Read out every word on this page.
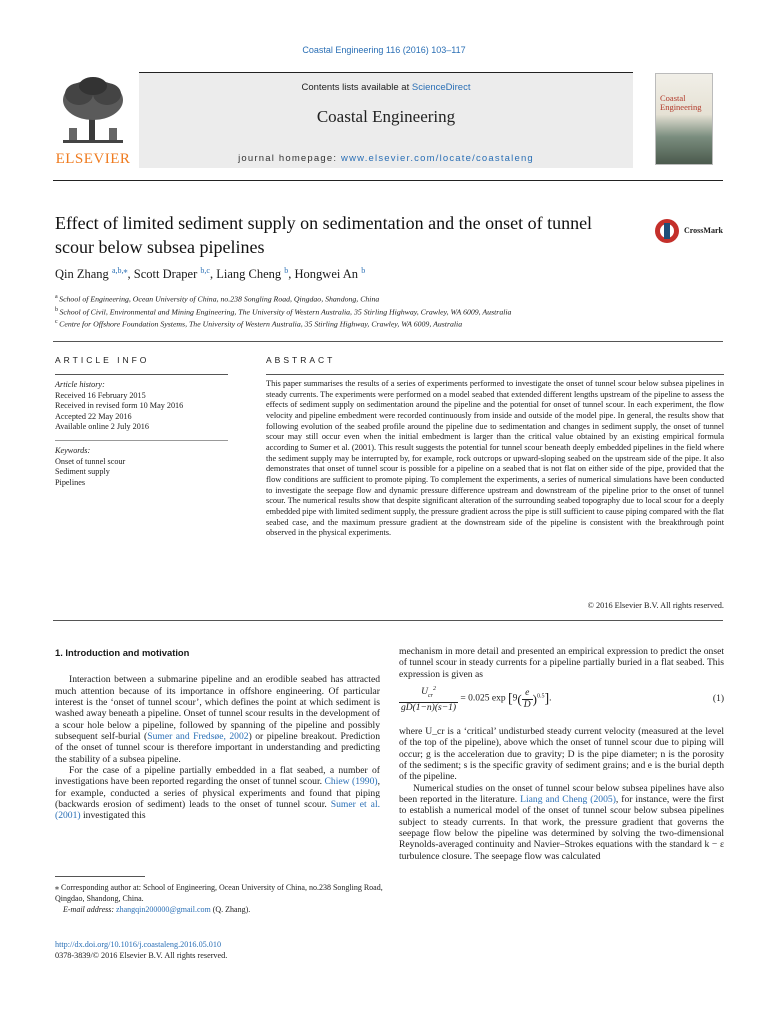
Coastal Engineering 116 (2016) 103–117
ELSEVIER
Contents lists available at ScienceDirect
Coastal Engineering
journal homepage: www.elsevier.com/locate/coastaleng
Coastal Engineering
Effect of limited sediment supply on sedimentation and the onset of tunnel scour below subsea pipelines
CrossMark
Qin Zhang $^{a,b,⁎}$, Scott Draper $^{b,c}$, Liang Cheng $^b$, Hongwei An $^b$
$^a$ School of Engineering, Ocean University of China, no.238 Songling Road, Qingdao, Shandong, China
$^b$ School of Civil, Environmental and Mining Engineering, The University of Western Australia, 35 Stirling Highway, Crawley, WA 6009, Australia
$^c$ Centre for Offshore Foundation Systems, The University of Western Australia, 35 Stirling Highway, Crawley, WA 6009, Australia
ARTICLE INFO
Article history:
Received 16 February 2015
Received in revised form 10 May 2016
Accepted 22 May 2016
Available online 2 July 2016
Keywords:
Onset of tunnel scour
Sediment supply
Pipelines
ABSTRACT

This paper summarises the results of a series of experiments performed to investigate the onset of tunnel scour below subsea pipelines in steady currents. The experiments were performed on a model seabed that extended different lengths upstream of the pipeline to assess the effects of sediment supply on sedimentation around the pipeline and the potential for onset of tunnel scour. In each experiment, the flow velocity and pipeline embedment were recorded continuously from inside and outside of the model pipe. In general, the results show that following evolution of the seabed profile around the pipeline due to sedimentation and changes in sediment supply, the onset of tunnel scour may still occur even when the initial embedment is larger than the critical value obtained by an existing empirical formula according to Sumer et al. (2001). This result suggests the potential for tunnel scour beneath deeply embedded pipelines in the field where the sediment supply may be interrupted by, for example, rock outcrops or upward-sloping seabed on the upstream side of the pipe. It also demonstrates that onset of tunnel scour is possible for a pipeline on a seabed that is not flat on either side of the pipe, provided that the flow conditions are sufficient to promote piping. To complement the experiments, a series of numerical simulations have been conducted to investigate the seepage flow and dynamic pressure difference upstream and downstream of the pipeline prior to the onset of tunnel scour. The numerical results show that despite significant alteration of the surrounding seabed topography due to local scour for a deeply embedded pipe with limited sediment supply, the pressure gradient across the pipe is still sufficient to cause piping compared with the flat seabed case, and the maximum pressure gradient at the downstream side of the pipeline is consistent with the breakthrough point observed in the physical experiments.

© 2016 Elsevier B.V. All rights reserved.
1. Introduction and motivation

Interaction between a submarine pipeline and an erodible seabed has attracted much attention because of its importance in offshore engineering. Of particular interest is the ‘onset of tunnel scour’, which defines the point at which sediment is washed away beneath a pipeline. Onset of tunnel scour results in the development of a scour hole below a pipeline, followed by spanning of the pipeline and possibly subsequent self-burial (Sumer and Fredsøe, 2002) or pipeline breakout. Prediction of the onset of tunnel scour is therefore important in understanding and predicting the stability of a subsea pipeline.

For the case of a pipeline partially embedded in a flat seabed, a number of investigations have been reported regarding the onset of tunnel scour. Chiew (1990), for example, conducted a series of physical experiments and found that piping (backwards erosion of sediment) leads to the onset of tunnel scour. Sumer et al. (2001) investigated this

mechanism in more detail and presented an empirical expression to predict the onset of tunnel scour in steady currents for a pipeline partially buried in a flat seabed. This expression is given as

$\frac{U_{cr}^2}{gD(1-n)(s-1)} = 0.025$ $\exp [9( \frac{e}{D} )^{0.5}]$.	(1)

where U_cr is a ‘critical’ undisturbed steady current velocity (measured at the level of the top of the pipeline), above which the onset of tunnel scour due to piping will occur; g is the acceleration due to gravity; D is the pipe diameter; n is the porosity of the sediment; s is the specific gravity of sediment grains; and e is the burial depth of the pipeline.

Numerical studies on the onset of tunnel scour below subsea pipelines have also been reported in the literature. Liang and Cheng (2005), for instance, were the first to establish a numerical model of the onset of tunnel scour below subsea pipelines subject to steady currents. In that work, the pressure gradient that governs the seepage flow below the pipeline was determined by solving the two-dimensional Reynolds-averaged continuity and Navier–Strokes equations with the standard k − ε turbulence closure. The seepage flow was calculated

⁎ Corresponding author at: School of Engineering, Ocean University of China, no.238 Songling Road, Qingdao, Shandong, China.
E-mail address: zhangqin200000@gmail.com (Q. Zhang).
http://dx.doi.org/10.1016/j.coastaleng.2016.05.010
0378-3839/© 2016 Elsevier B.V. All rights reserved.
